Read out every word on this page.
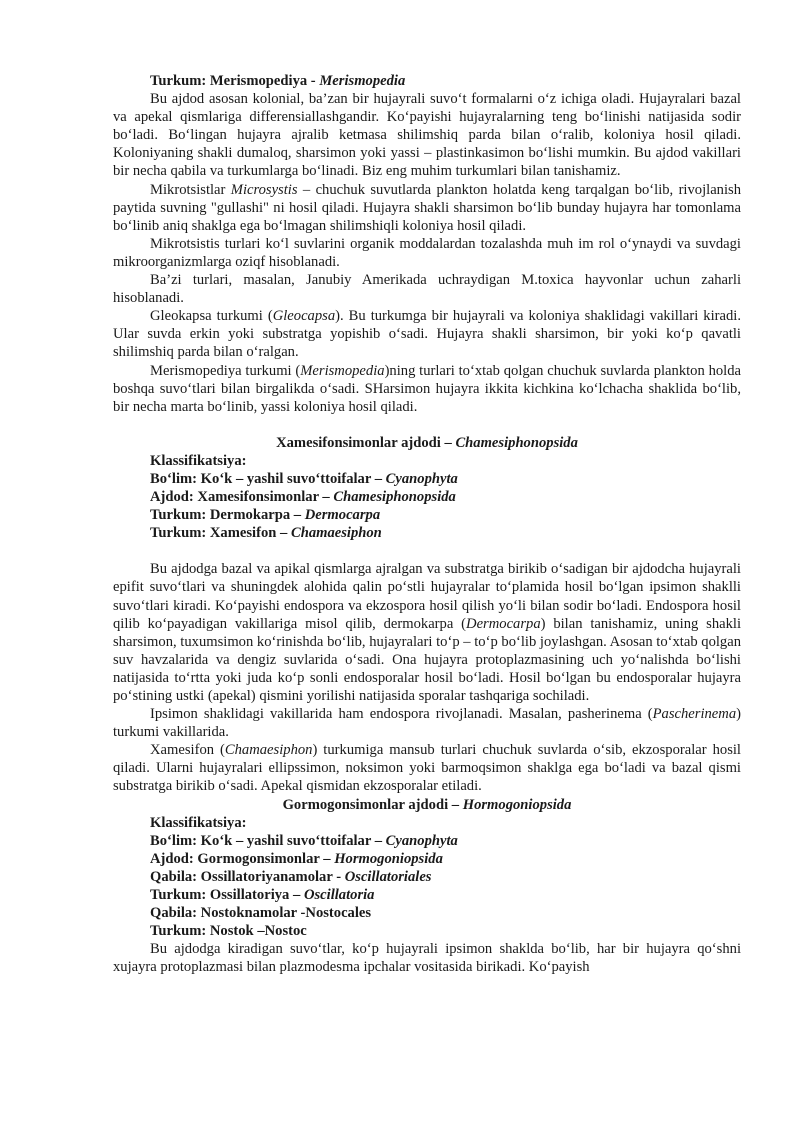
Turkum: Merismopediya - Merismopedia

Bu ajdod asosan kolonial, ba’zan bir hujayrali suvo‘t formalarni o‘z ichiga oladi. Hujayralari bazal va apekal qismlariga differensiallashgandir. Ko‘payishi hujayralarning teng bo‘linishi natijasida sodir bo‘ladi. Bo‘lingan hujayra ajralib ketmasa shilimshiq parda bilan o‘ralib, koloniya hosil qiladi. Koloniyaning shakli dumaloq, sharsimon yoki yassi – plastinkasimon bo‘lishi mumkin. Bu ajdod vakillari bir necha qabila va turkumlarga bo‘linadi. Biz eng muhim turkumlari bilan tanishamiz.

Mikrotsistlar Microsystis – chuchuk suvutlarda plankton holatda keng tarqalgan bo‘lib, rivojlanish paytida suvning "gullashi" ni hosil qiladi. Hujayra shakli sharsimon bo‘lib bunday hujayra har tomonlama bo‘linib aniq shaklga ega bo‘lmagan shilimshiqli koloniya hosil qiladi.

Mikrotsistis turlari ko‘l suvlarini organik moddalardan tozalashda muh im rol o‘ynaydi va suvdagi mikroorganizmlarga oziqf hisoblanadi.

Ba’zi turlari, masalan, Janubiy Amerikada uchraydigan M.toxica hayvonlar uchun zaharli hisoblanadi.

Gleokapsa turkumi (Gleocapsa). Bu turkumga bir hujayrali va koloniya shaklidagi vakillari kiradi. Ular suvda erkin yoki substratga yopishib o‘sadi. Hujayra shakli sharsimon, bir yoki ko‘p qavatli shilimshiq parda bilan o‘ralgan.

Merismopediya turkumi (Merismopedia)ning turlari to‘xtab qolgan chuchuk suvlarda plankton holda boshqa suvo‘tlari bilan birgalikda o‘sadi. SHarsimon hujayra ikkita kichkina ko‘lchacha shaklida bo‘lib, bir necha marta bo‘linib, yassi koloniya hosil qiladi.

Xamesifonsimonlar ajdodi – Chamesiphonopsida

Klassifikatsiya:

Bo‘lim: Ko‘k – yashil suvo‘ttoifalar – Cyanophyta

Ajdod: Xamesifonsimonlar – Chamesiphonopsida

Turkum: Dermokarpa – Dermocarpa

Turkum: Xamesifon – Chamaesiphon

Bu ajdodga bazal va apikal qismlarga ajralgan va substratga birikib o‘sadigan bir ajdodcha hujayrali epifit suvo‘tlari va shuningdek alohida qalin po‘stli hujayralar to‘plamida hosil bo‘lgan ipsimon shaklli suvo‘tlari kiradi. Ko‘payishi endospora va ekzospora hosil qilish yo‘li bilan sodir bo‘ladi. Endospora hosil qilib ko‘payadigan vakillariga misol qilib, dermokarpa (Dermocarpa) bilan tanishamiz, uning shakli sharsimon, tuxumsimon ko‘rinishda bo‘lib, hujayralari to‘p – to‘p bo‘lib joylashgan. Asosan to‘xtab qolgan suv havzalarida va dengiz suvlarida o‘sadi. Ona hujayra protoplazmasining uch yo‘nalishda bo‘lishi natijasida to‘rtta yoki juda ko‘p sonli endosporalar hosil bo‘ladi. Hosil bo‘lgan bu endosporalar hujayra po‘stining ustki (apekal) qismini yorilishi natijasida sporalar tashqariga sochiladi.

Ipsimon shaklidagi vakillarida ham endospora rivojlanadi. Masalan, pasherinema (Pascherinema) turkumi vakillarida.

Xamesifon (Chamaesiphon) turkumiga mansub turlari chuchuk suvlarda o‘sib, ekzosporalar hosil qiladi. Ularni hujayralari ellipssimon, noksimon yoki barmoqsimon shaklga ega bo‘ladi va bazal qismi substratga birikib o‘sadi. Apekal qismidan ekzosporalar etiladi.

Gormogonsimonlar ajdodi – Hormogoniopsida

Klassifikatsiya:

Bo‘lim: Ko‘k – yashil suvo‘ttoifalar – Cyanophyta

Ajdod: Gormogonsimonlar – Hormogoniopsida

Qabila: Ossillatoriyanamolar - Oscillatoriales

Turkum: Ossillatoriya – Oscillatoria

Qabila: Nostoknamolar -Nostocales

Turkum: Nostok –Nostoc

Bu ajdodga kiradigan suvo‘tlar, ko‘p hujayrali ipsimon shaklda bo‘lib, har bir hujayra qo‘shni xujayra protoplazmasi bilan plazmodesma ipchalar vositasida birikadi. Ko‘payish
